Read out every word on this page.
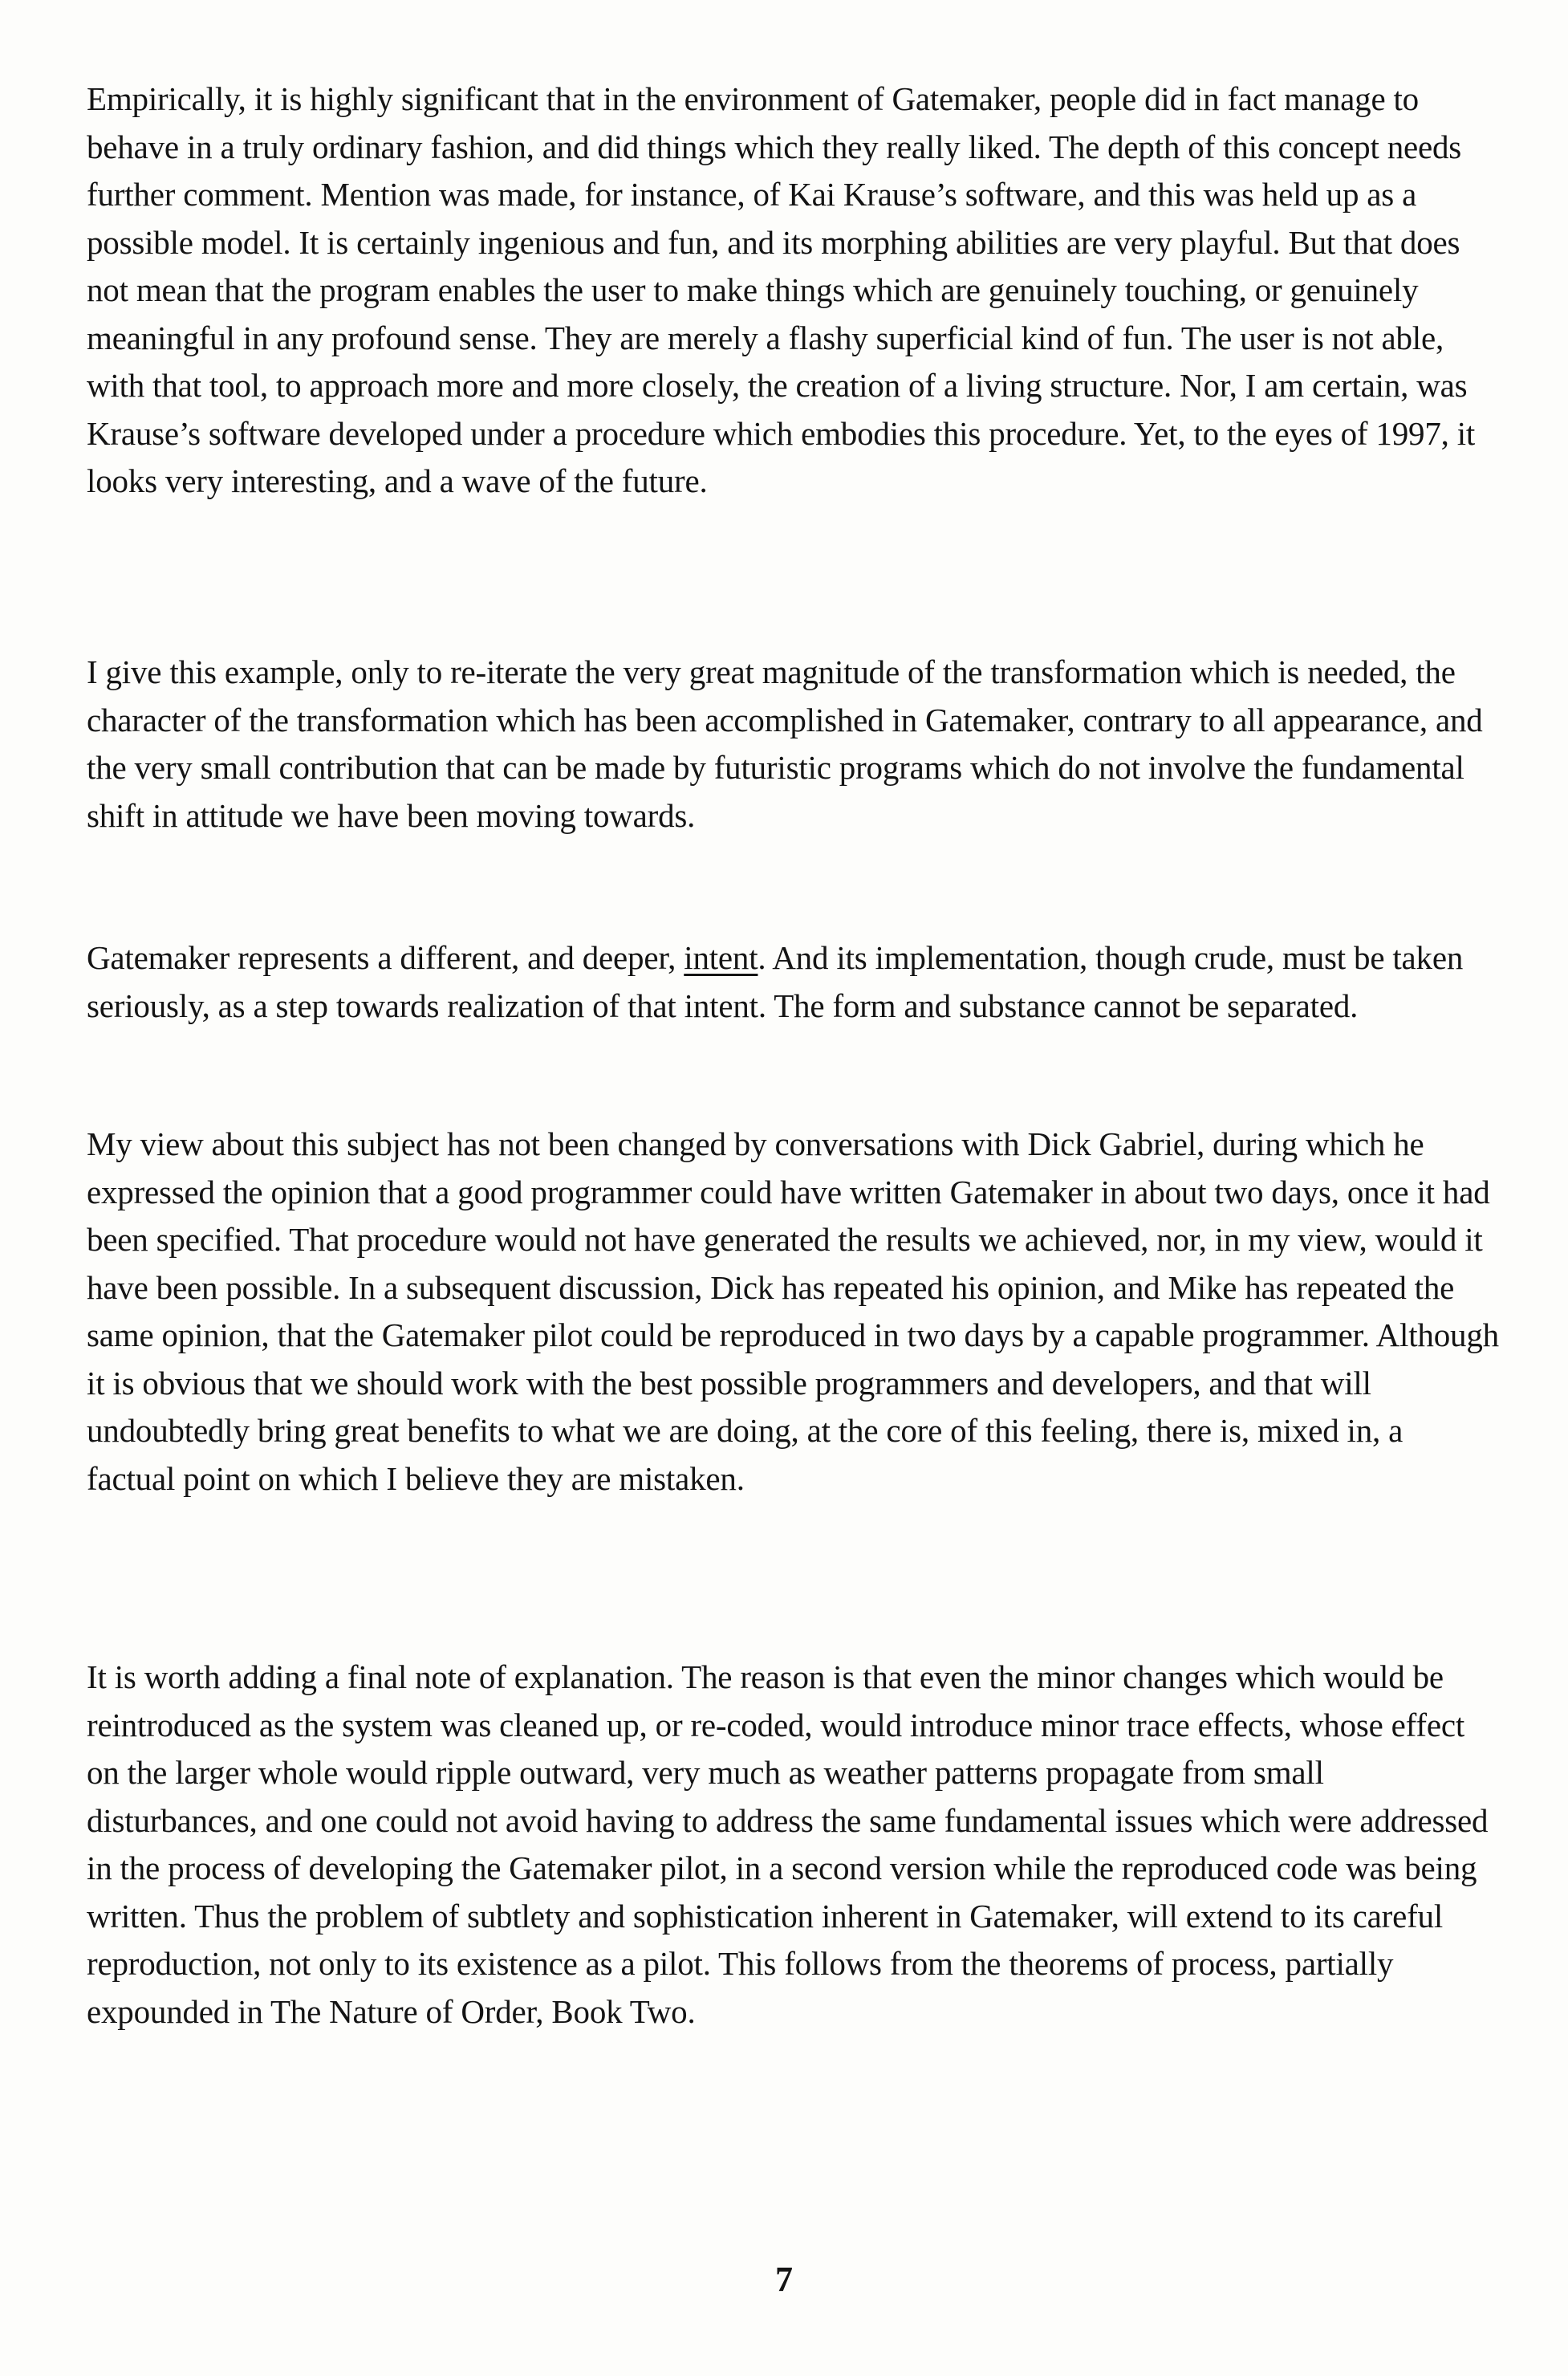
Empirically, it is highly significant that in the environment of Gatemaker, people did in fact manage to behave in a truly ordinary fashion, and did things which they really liked. The depth of this concept needs further comment. Mention was made, for instance, of Kai Krause’s software, and this was held up as a possible model. It is certainly ingenious and fun, and its morphing abilities are very playful. But that does not mean that the program enables the user to make things which are genuinely touching, or genuinely meaningful in any profound sense. They are merely a flashy superficial kind of fun. The user is not able, with that tool, to approach more and more closely, the creation of a living structure. Nor, I am certain, was Krause’s software developed under a procedure which embodies this procedure. Yet, to the eyes of 1997, it looks very interesting, and a wave of the future.

I give this example, only to re-iterate the very great magnitude of the transformation which is needed, the character of the transformation which has been accomplished in Gatemaker, contrary to all appearance, and the very small contribution that can be made by futuristic programs which do not involve the fundamental shift in attitude we have been moving towards.

Gatemaker represents a different, and deeper, intent. And its implementation, though crude, must be taken seriously, as a step towards realization of that intent. The form and substance cannot be separated.

My view about this subject has not been changed by conversations with Dick Gabriel, during which he expressed the opinion that a good programmer could have written Gatemaker in about two days, once it had been specified. That procedure would not have generated the results we achieved, nor, in my view, would it have been possible. In a subsequent discussion, Dick has repeated his opinion, and Mike has repeated the same opinion, that the Gatemaker pilot could be reproduced in two days by a capable programmer. Although it is obvious that we should work with the best possible programmers and developers, and that will undoubtedly bring great benefits to what we are doing, at the core of this feeling, there is, mixed in, a factual point on which I believe they are mistaken.

It is worth adding a final note of explanation. The reason is that even the minor changes which would be reintroduced as the system was cleaned up, or re-coded, would introduce minor trace effects, whose effect on the larger whole would ripple outward, very much as weather patterns propagate from small disturbances, and one could not avoid having to address the same fundamental issues which were addressed in the process of developing the Gatemaker pilot, in a second version while the reproduced code was being written. Thus the problem of subtlety and sophistication inherent in Gatemaker, will extend to its careful reproduction, not only to its existence as a pilot. This follows from the theorems of process, partially expounded in The Nature of Order, Book Two.

7
